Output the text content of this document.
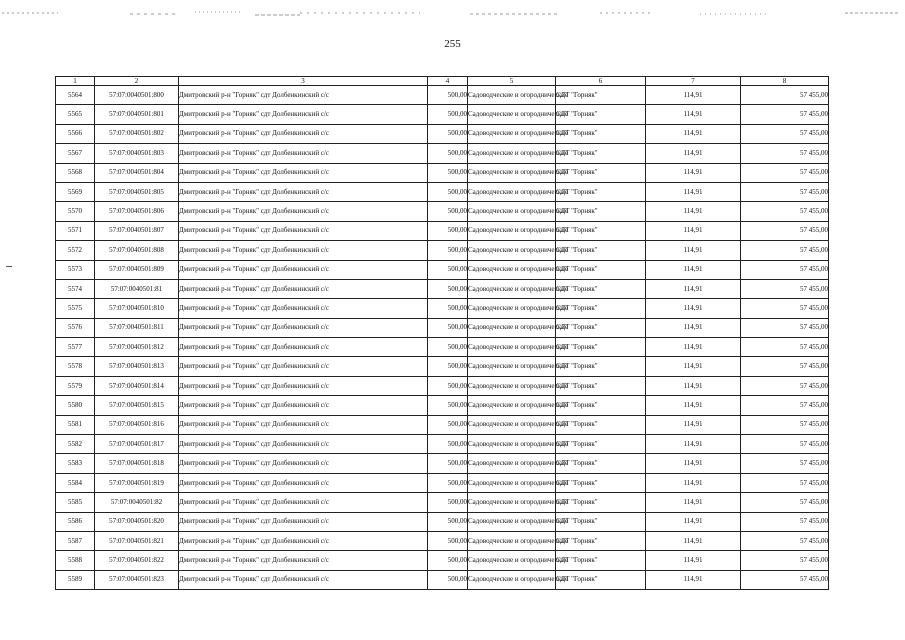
255
1	2	3	4	5	6	7	8
5564	57:07:0040501:800	Дмитровский р-н "Горняк" сдт Долбенкинский с/с	500,00	Садоводческие и огороднические	СДТ "Горняк"	114,91	57 455,00
5565	57:07:0040501:801	Дмитровский р-н "Горняк" сдт Долбенкинский с/с	500,00	Садоводческие и огороднические	СДТ "Горняк"	114,91	57 455,00
5566	57:07:0040501:802	Дмитровский р-н "Горняк" сдт Долбенкинский с/с	500,00	Садоводческие и огороднические	СДТ "Горняк"	114,91	57 455,00
5567	57:07:0040501:803	Дмитровский р-н "Горняк" сдт Долбенкинский с/с	500,00	Садоводческие и огороднические	СДТ "Горняк"	114,91	57 455,00
5568	57:07:0040501:804	Дмитровский р-н "Горняк" сдт Долбенкинский с/с	500,00	Садоводческие и огороднические	СДТ "Горняк"	114,91	57 455,00
5569	57:07:0040501:805	Дмитровский р-н "Горняк" сдт Долбенкинский с/с	500,00	Садоводческие и огороднические	СДТ "Горняк"	114,91	57 455,00
5570	57:07:0040501:806	Дмитровский р-н "Горняк" сдт Долбенкинский с/с	500,00	Садоводческие и огороднические	СДТ "Горняк"	114,91	57 455,00
5571	57:07:0040501:807	Дмитровский р-н "Горняк" сдт Долбенкинский с/с	500,00	Садоводческие и огороднические	СДТ "Горняк"	114,91	57 455,00
5572	57:07:0040501:808	Дмитровский р-н "Горняк" сдт Долбенкинский с/с	500,00	Садоводческие и огороднические	СДТ "Горняк"	114,91	57 455,00
5573	57:07:0040501:809	Дмитровский р-н "Горняк" сдт Долбенкинский с/с	500,00	Садоводческие и огороднические	СДТ "Горняк"	114,91	57 455,00
5574	57:07:0040501:81	Дмитровский р-н "Горняк" сдт Долбенкинский с/с	500,00	Садоводческие и огороднические	СДТ "Горняк"	114,91	57 455,00
5575	57:07:0040501:810	Дмитровский р-н "Горняк" сдт Долбенкинский с/с	500,00	Садоводческие и огороднические	СДТ "Горняк"	114,91	57 455,00
5576	57:07:0040501:811	Дмитровский р-н "Горняк" сдт Долбенкинский с/с	500,00	Садоводческие и огороднические	СДТ "Горняк"	114,91	57 455,00
5577	57:07:0040501:812	Дмитровский р-н "Горняк" сдт Долбенкинский с/с	500,00	Садоводческие и огороднические	СДТ "Горняк"	114,91	57 455,00
5578	57:07:0040501:813	Дмитровский р-н "Горняк" сдт Долбенкинский с/с	500,00	Садоводческие и огороднические	СДТ "Горняк"	114,91	57 455,00
5579	57:07:0040501:814	Дмитровский р-н "Горняк" сдт Долбенкинский с/с	500,00	Садоводческие и огороднические	СДТ "Горняк"	114,91	57 455,00
5580	57:07:0040501:815	Дмитровский р-н "Горняк" сдт Долбенкинский с/с	500,00	Садоводческие и огороднические	СДТ "Горняк"	114,91	57 455,00
5581	57:07:0040501:816	Дмитровский р-н "Горняк" сдт Долбенкинский с/с	500,00	Садоводческие и огороднические	СДТ "Горняк"	114,91	57 455,00
5582	57:07:0040501:817	Дмитровский р-н "Горняк" сдт Долбенкинский с/с	500,00	Садоводческие и огороднические	СДТ "Горняк"	114,91	57 455,00
5583	57:07:0040501:818	Дмитровский р-н "Горняк" сдт Долбенкинский с/с	500,00	Садоводческие и огороднические	СДТ "Горняк"	114,91	57 455,00
5584	57:07:0040501:819	Дмитровский р-н "Горняк" сдт Долбенкинский с/с	500,00	Садоводческие и огороднические	СДТ "Горняк"	114,91	57 455,00
5585	57:07:0040501:82	Дмитровский р-н "Горняк" сдт Долбенкинский с/с	500,00	Садоводческие и огороднические	СДТ "Горняк"	114,91	57 455,00
5586	57:07:0040501:820	Дмитровский р-н "Горняк" сдт Долбенкинский с/с	500,00	Садоводческие и огороднические	СДТ "Горняк"	114,91	57 455,00
5587	57:07:0040501:821	Дмитровский р-н "Горняк" сдт Долбенкинский с/с	500,00	Садоводческие и огороднические	СДТ "Горняк"	114,91	57 455,00
5588	57:07:0040501:822	Дмитровский р-н "Горняк" сдт Долбенкинский с/с	500,00	Садоводческие и огороднические	СДТ "Горняк"	114,91	57 455,00
5589	57:07:0040501:823	Дмитровский р-н "Горняк" сдт Долбенкинский с/с	500,00	Садоводческие и огороднические	СДТ "Горняк"	114,91	57 455,00
